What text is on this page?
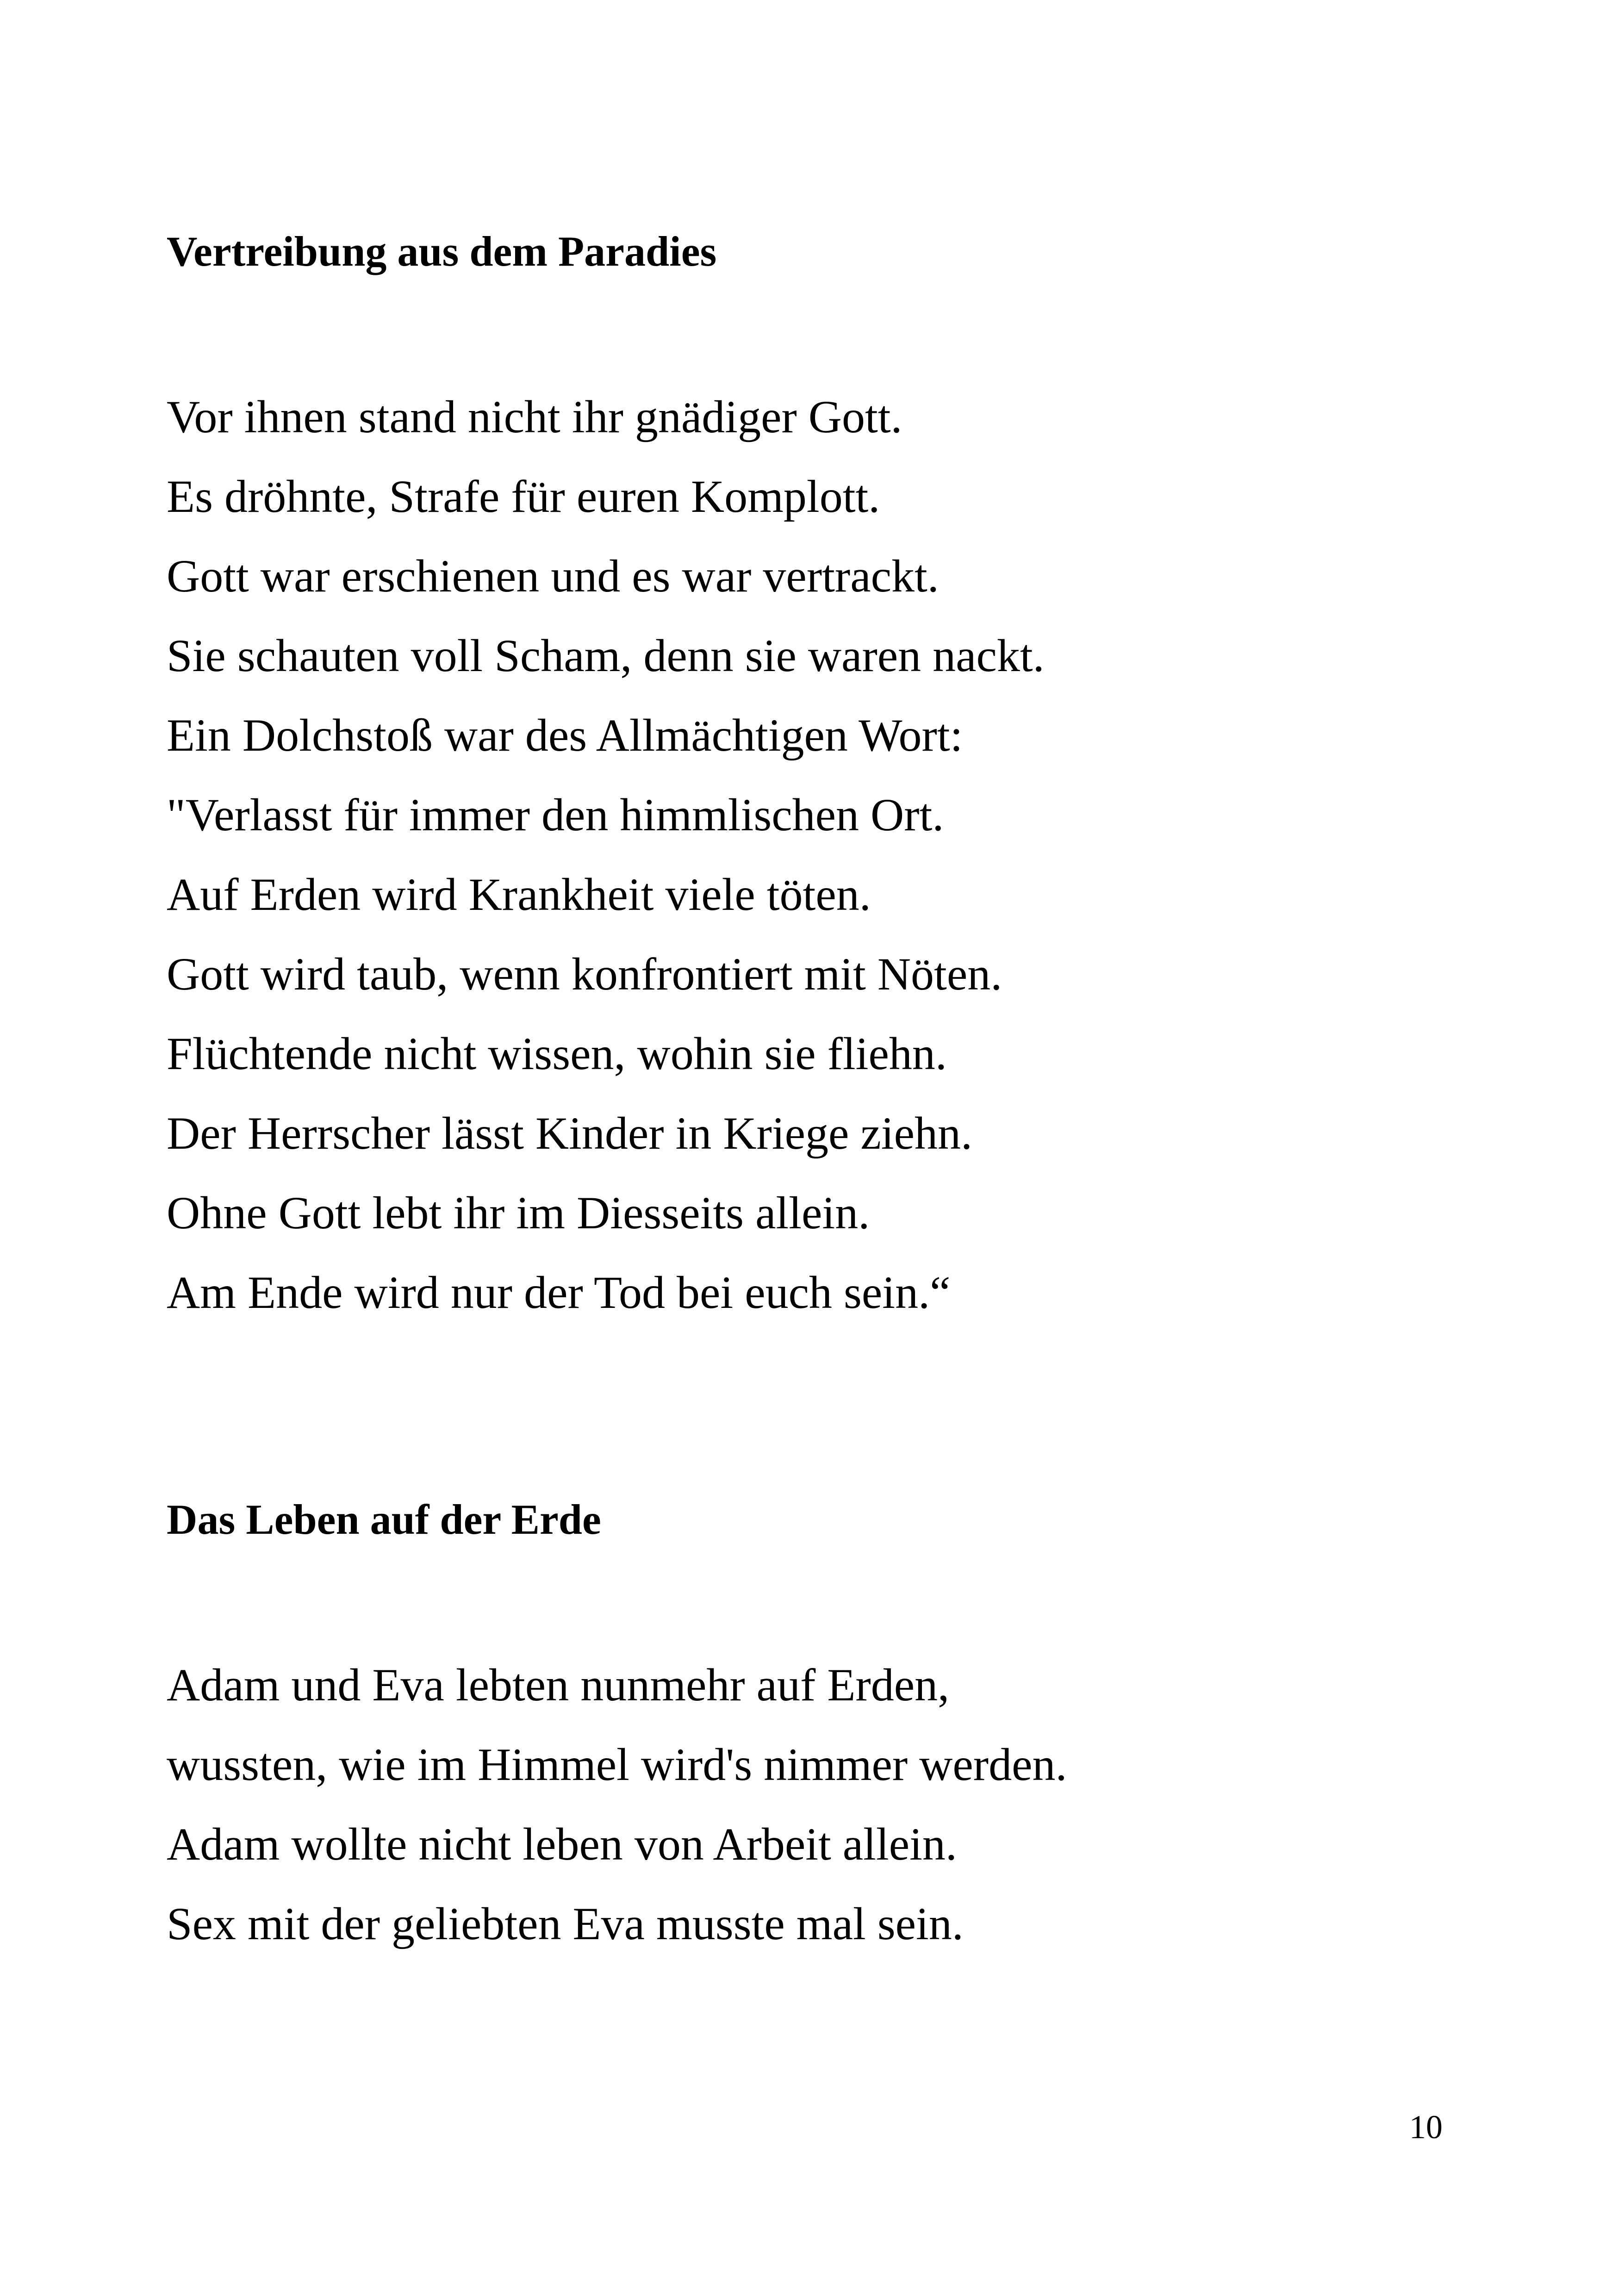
Vertreibung aus dem Paradies
Vor ihnen stand nicht ihr gnädiger Gott.
Es dröhnte, Strafe für euren Komplott.
Gott war erschienen und es war vertrackt.
Sie schauten voll Scham, denn sie waren nackt.
Ein Dolchstoß war des Allmächtigen Wort:
"Verlasst für immer den himmlischen Ort.
Auf Erden wird Krankheit viele töten.
Gott wird taub, wenn konfrontiert mit Nöten.
Flüchtende nicht wissen, wohin sie fliehn.
Der Herrscher lässt Kinder in Kriege ziehn.
Ohne Gott lebt ihr im Diesseits allein.
Am Ende wird nur der Tod bei euch sein.“
Das Leben auf der Erde
Adam und Eva lebten nunmehr auf Erden,
wussten, wie im Himmel wird's nimmer werden.
Adam wollte nicht leben von Arbeit allein.
Sex mit der geliebten Eva musste mal sein.
10
